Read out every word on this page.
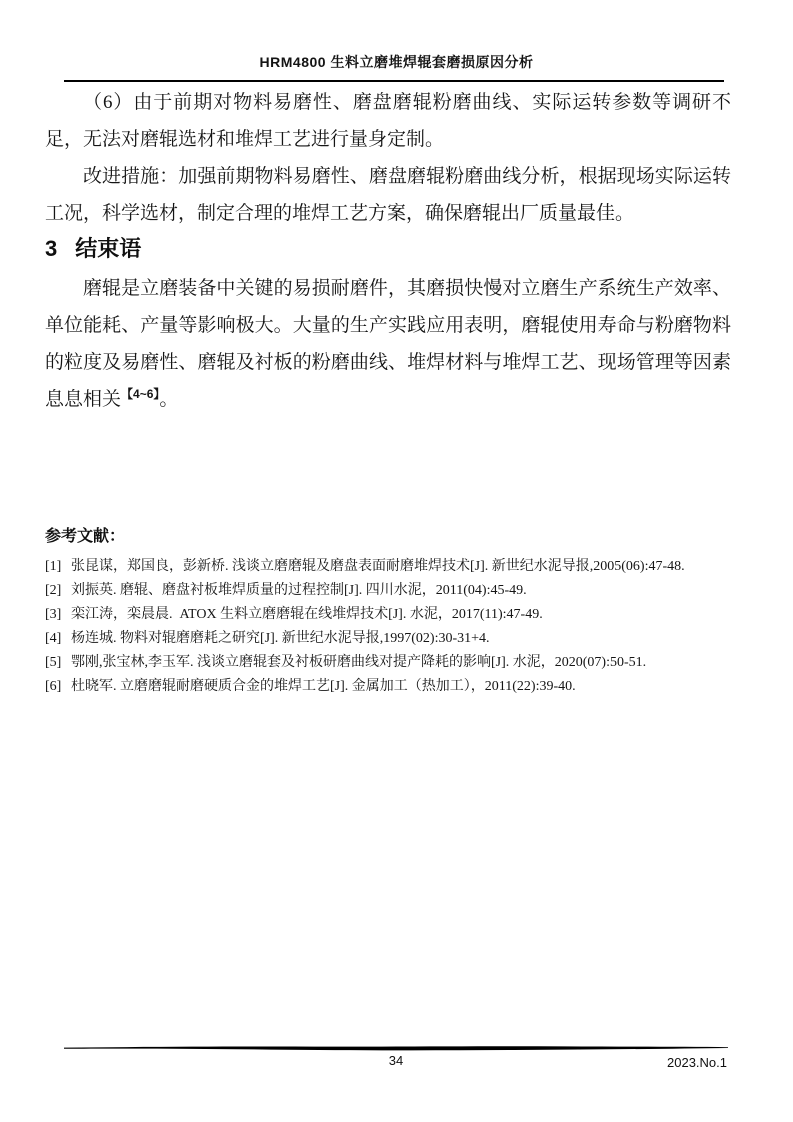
HRM4800 生料立磨堆焊辊套磨损原因分析

（6）由于前期对物料易磨性、磨盘磨辊粉磨曲线、实际运转参数等调研不足，无法对磨辊选材和堆焊工艺进行量身定制。

改进措施：加强前期物料易磨性、磨盘磨辊粉磨曲线分析，根据现场实际运转工况，科学选材，制定合理的堆焊工艺方案，确保磨辊出厂质量最佳。

3 结束语

磨辊是立磨装备中关键的易损耐磨件，其磨损快慢对立磨生产系统生产效率、单位能耗、产量等影响极大。大量的生产实践应用表明，磨辊使用寿命与粉磨物料的粒度及易磨性、磨辊及衬板的粉磨曲线、堆焊材料与堆焊工艺、现场管理等因素息息相关$^{【4\sim 6】}$。

参考文献：
[1] 张昆谋，郑国良，彭新桥. 浅谈立磨磨辊及磨盘表面耐磨堆焊技术[J]. 新世纪水泥导报,2005(06):47-48.
[2] 刘振英. 磨辊、磨盘衬板堆焊质量的过程控制[J]. 四川水泥，2011(04):45-49.
[3] 栾江涛，栾晨晨.  ATOX 生料立磨磨辊在线堆焊技术[J]. 水泥，2017(11):47-49.
[4] 杨连城. 物料对辊磨磨耗之研究[J]. 新世纪水泥导报,1997(02):30-31+4.
[5] 鄂刚,张宝林,李玉军. 浅谈立磨辊套及衬板研磨曲线对提产降耗的影响[J]. 水泥，2020(07):50-51.
[6] 杜晓军. 立磨磨辊耐磨硬质合金的堆焊工艺[J]. 金属加工（热加工），2011(22):39-40.
34	2023.No.1
